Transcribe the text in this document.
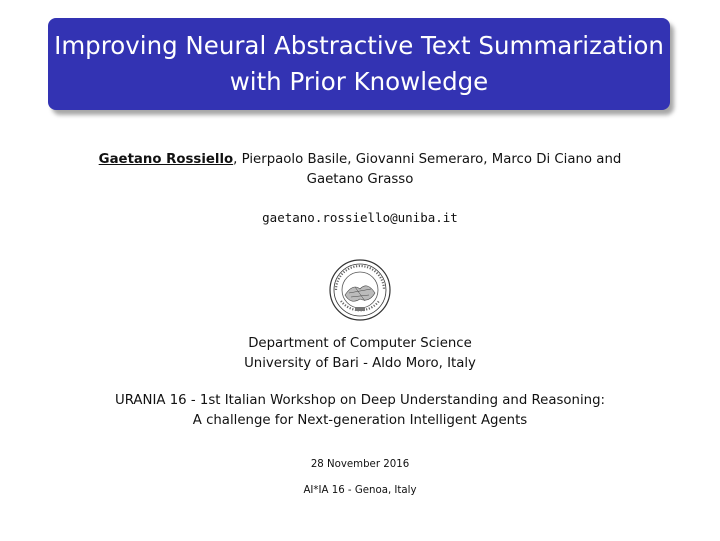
Improving Neural Abstractive Text Summarization
with Prior Knowledge
Gaetano Rossiello, Pierpaolo Basile, Giovanni Semeraro, Marco Di Ciano and
Gaetano Grasso
gaetano.rossiello@uniba.it
Department of Computer Science
University of Bari - Aldo Moro, Italy
URANIA 16 - 1st Italian Workshop on Deep Understanding and Reasoning:
A challenge for Next-generation Intelligent Agents
28 November 2016
AI*IA 16 - Genoa, Italy
